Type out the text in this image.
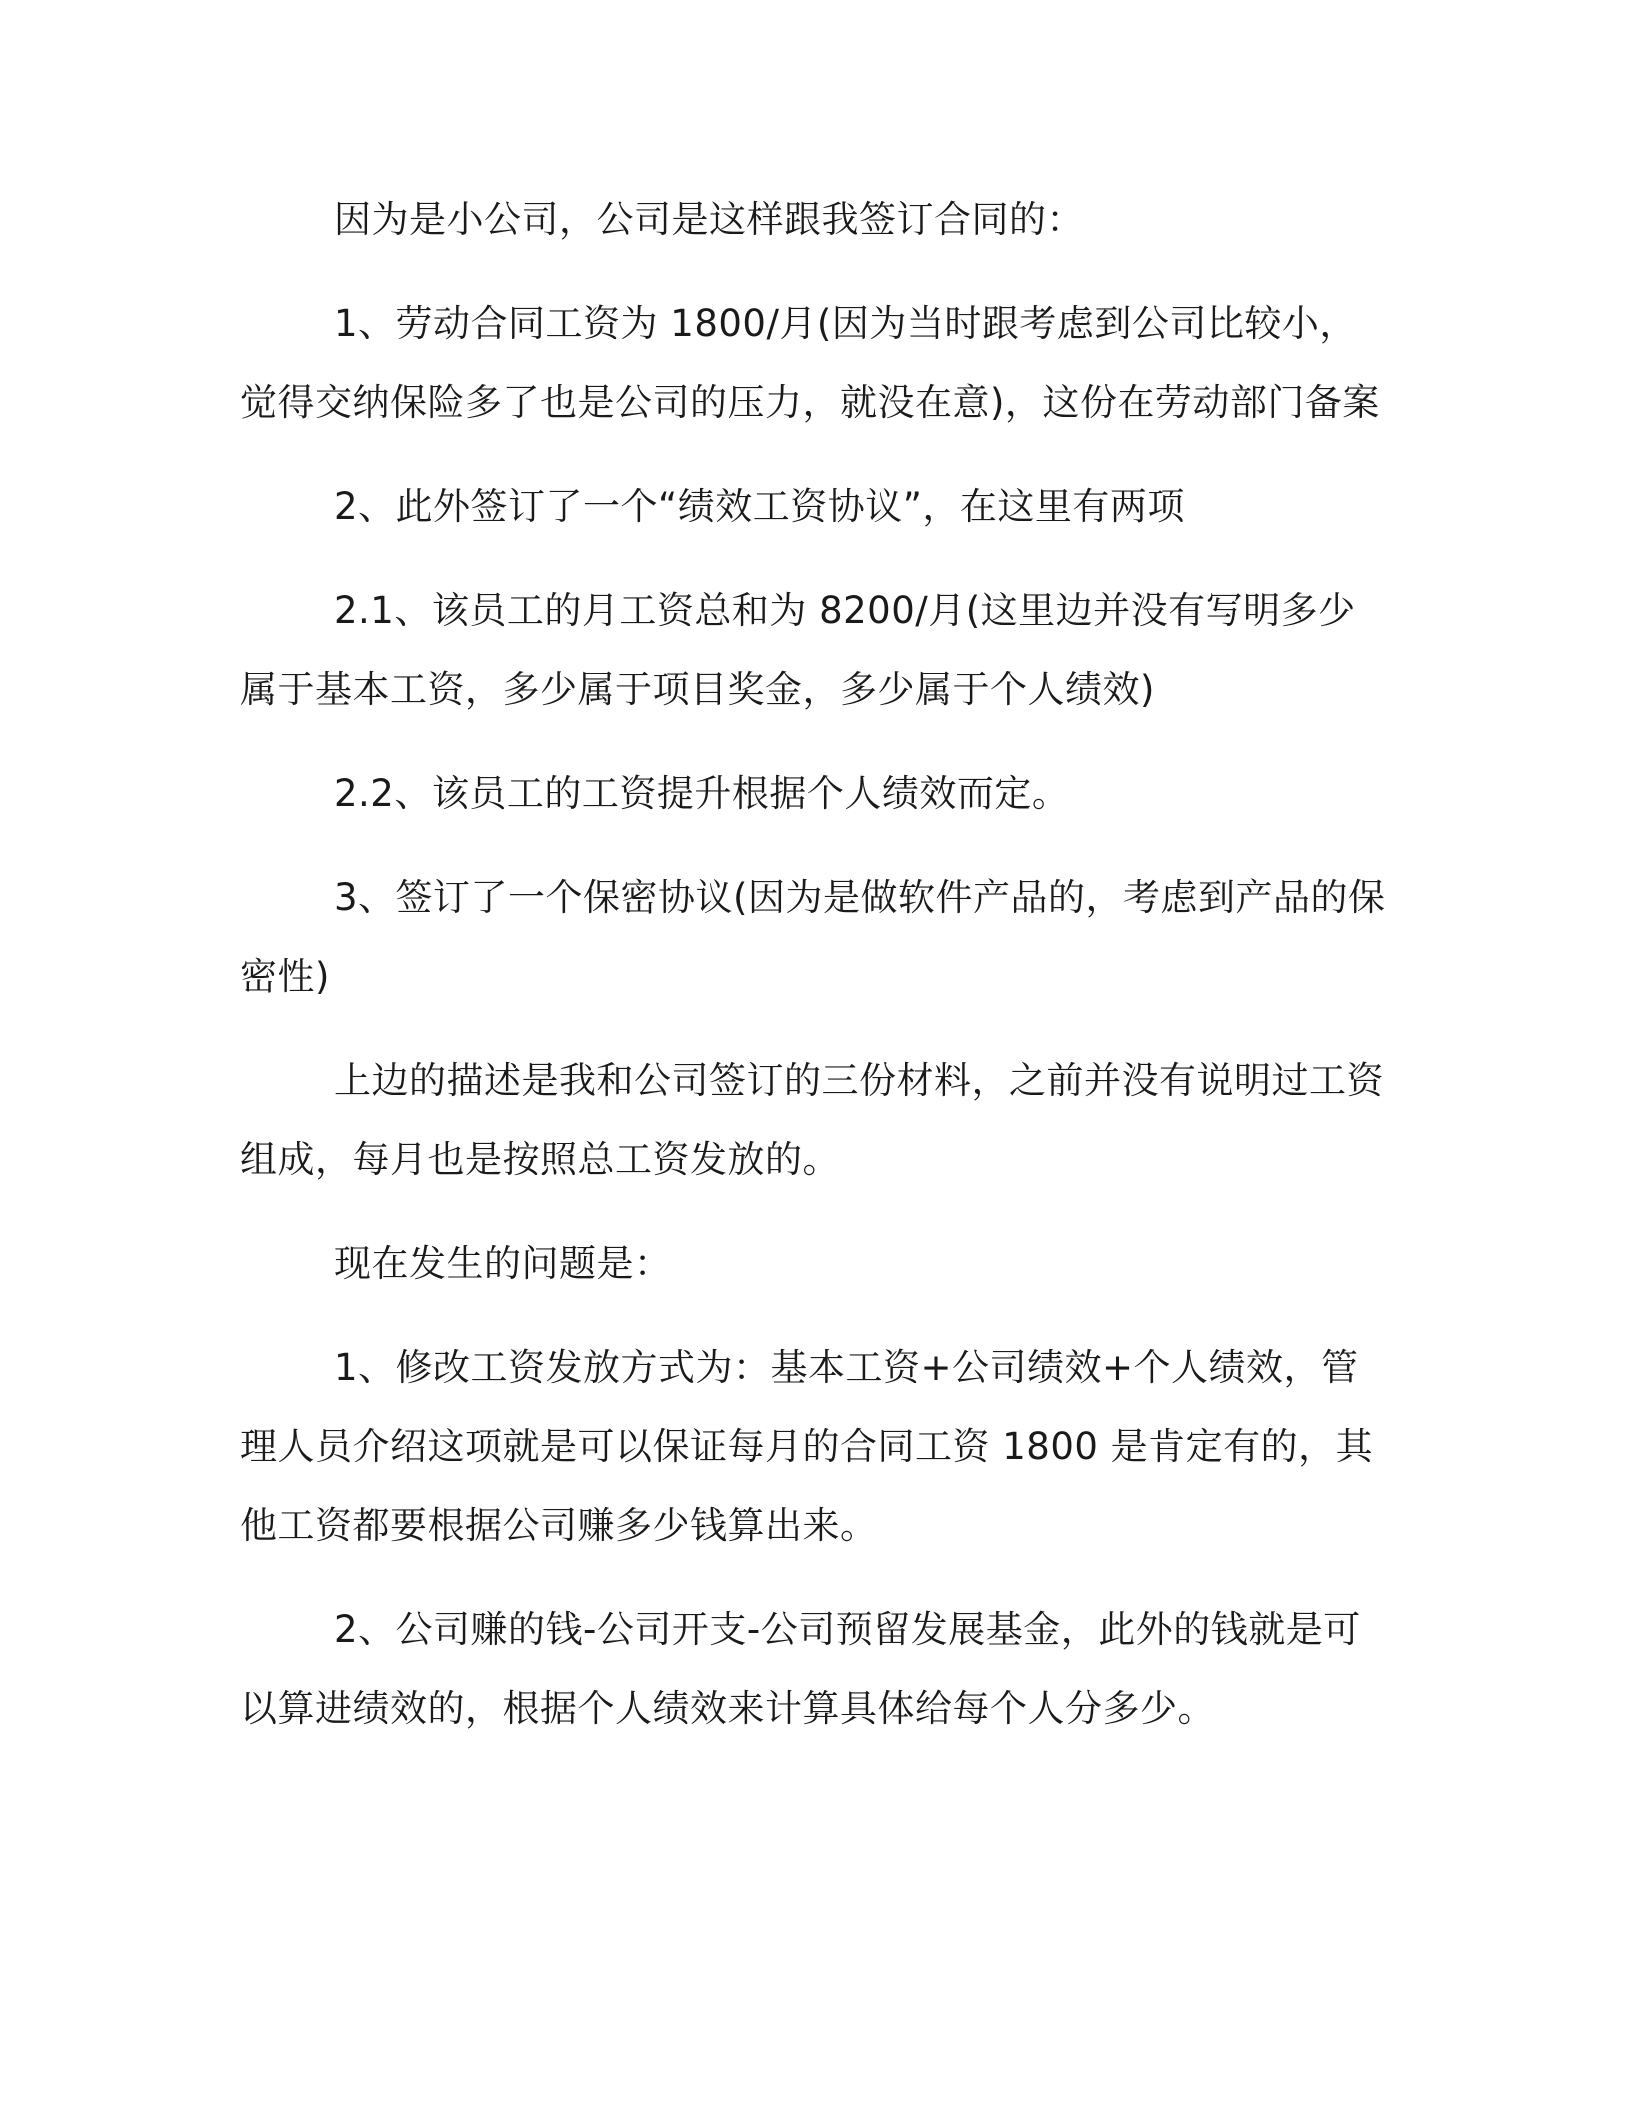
因为是小公司，公司是这样跟我签订合同的：

1、劳动合同工资为 1800/月(因为当时跟考虑到公司比较小，觉得交纳保险多了也是公司的压力，就没在意)，这份在劳动部门备案

2、此外签订了一个“绩效工资协议”，在这里有两项

2.1、该员工的月工资总和为 8200/月(这里边并没有写明多少属于基本工资，多少属于项目奖金，多少属于个人绩效)

2.2、该员工的工资提升根据个人绩效而定。

3、签订了一个保密协议(因为是做软件产品的，考虑到产品的保密性)

上边的描述是我和公司签订的三份材料，之前并没有说明过工资组成，每月也是按照总工资发放的。

现在发生的问题是：

1、修改工资发放方式为：基本工资+公司绩效+个人绩效，管理人员介绍这项就是可以保证每月的合同工资 1800 是肯定有的，其他工资都要根据公司赚多少钱算出来。

2、公司赚的钱-公司开支-公司预留发展基金，此外的钱就是可以算进绩效的，根据个人绩效来计算具体给每个人分多少。
